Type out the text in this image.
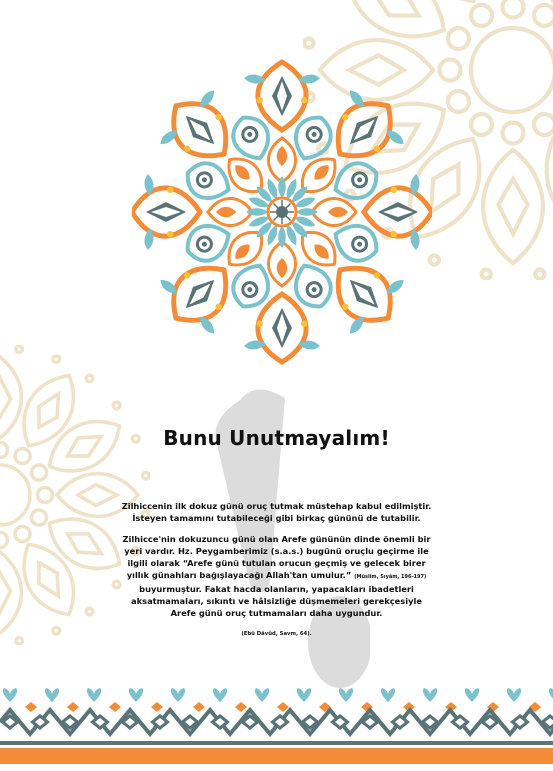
Bunu Unutmayalım!

Zilhiccenin ilk dokuz günü oruç tutmak müstehap kabul edilmiştir.
İsteyen tamamını tutabileceği gibi birkaç gününü de tutabilir.

Zilhicce'nin dokuzuncu günü olan Arefe gününün dinde önemli bir
yeri vardır. Hz. Peygamberimiz (s.a.s.) bugünü oruçlu geçirme ile
ilgili olarak “Arefe günü tutulan orucun geçmiş ve gelecek birer
yıllık günahları bağışlayacağı Allah'tan umulur.” (Müslim, Sıyâm, 196-197)
buyurmuştur. Fakat hacda olanların, yapacakları ibadetleri
aksatmamaları, sıkıntı ve hâlsizliğe düşmemeleri gerekçesiyle
Arefe günü oruç tutmamaları daha uygundur.

(Ebû Dâvûd, Savm, 64).
